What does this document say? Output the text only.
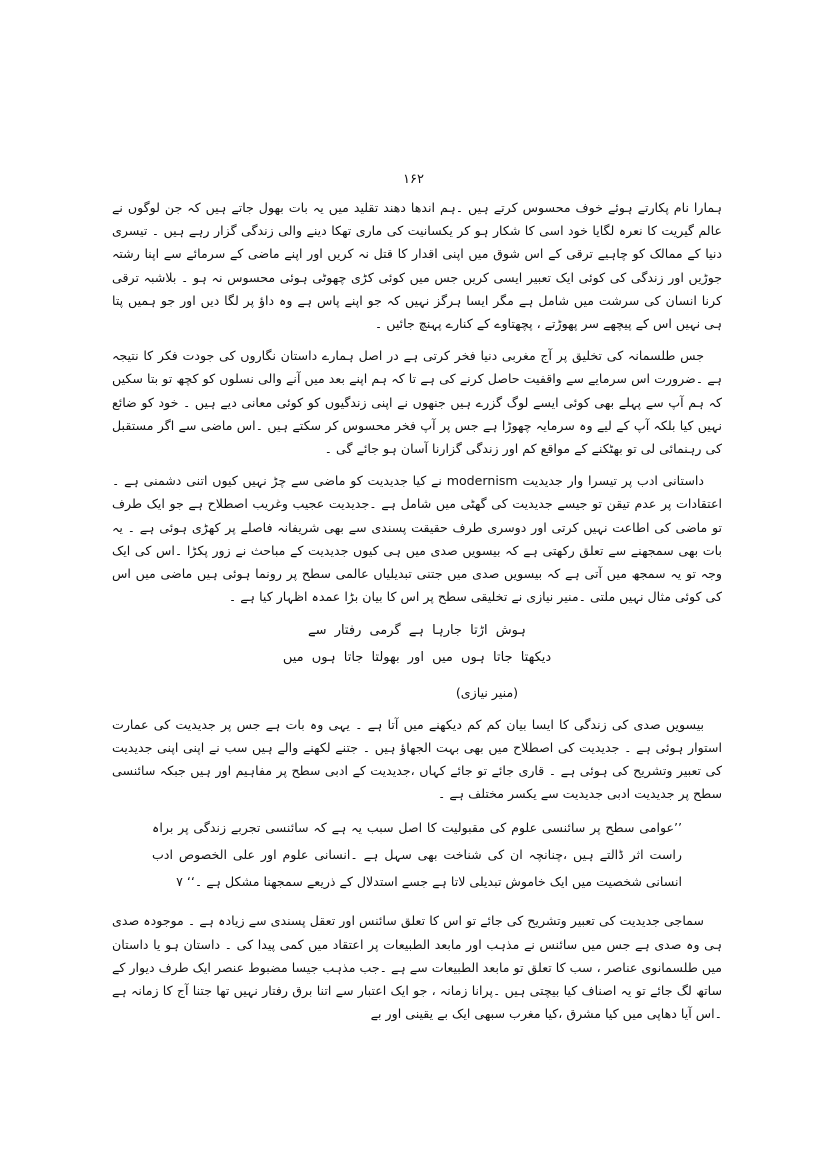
۱۶۲

ہمارا نام پکارتے ہوئے خوف محسوس کرتے ہیں ۔ہم اندھا دھند تقلید میں یہ بات بھول جاتے ہیں کہ جن لوگوں نے عالم گیریت کا نعرہ لگایا خود اسی کا شکار ہو کر یکسانیت کی ماری تھکا دینے والی زندگی گزار رہے ہیں ۔ تیسری دنیا کے ممالک کو چاہیے ترقی کے اس شوق میں اپنی اقدار کا قتل نہ کریں اور اپنے ماضی کے سرمائے سے اپنا رشتہ جوڑیں اور زندگی کی کوئی ایک تعبیر ایسی کریں جس میں کوئی کڑی چھوٹی ہوئی محسوس نہ ہو ۔ بلاشبہ ترقی کرنا انسان کی سرشت میں شامل ہے مگر ایسا ہرگز نہیں کہ جو اپنے پاس ہے وہ داؤ پر لگا دیں اور جو ہمیں پتا ہی نہیں اس کے پیچھے سر پھوڑتے ، پچھتاوے کے کنارے پہنچ جائیں ۔

جس طلسمانہ کی تخلیق پر آج مغربی دنیا فخر کرتی ہے در اصل ہمارے داستان نگاروں کی جودت فکر کا نتیجہ ہے ۔ضرورت اس سرمایے سے واقفیت حاصل کرنے کی ہے تا کہ ہم اپنے بعد میں آنے والی نسلوں کو کچھ تو بتا سکیں کہ ہم آپ سے پہلے بھی کوئی ایسے لوگ گزرے ہیں جنھوں نے اپنی زندگیوں کو کوئی معانی دیے ہیں ۔ خود کو ضائع نہیں کیا بلکہ آپ کے لیے وہ سرمایہ چھوڑا ہے جس پر آپ فخر محسوس کر سکتے ہیں ۔اس ماضی سے اگر مستقبل کی رہنمائی لی تو بھٹکنے کے مواقع کم اور زندگی گزارنا آسان ہو جائے گی ۔

داستانی ادب پر تیسرا وار جدیدیت modernism نے کیا جدیدیت کو ماضی سے چڑ نہیں کیوں اتنی دشمنی ہے ۔ اعتقادات پر عدم تیقن تو جیسے جدیدیت کی گھٹی میں شامل ہے ۔جدیدیت عجیب وغریب اصطلاح ہے جو ایک طرف تو ماضی کی اطاعت نہیں کرتی اور دوسری طرف حقیقت پسندی سے بھی شریفانہ فاصلے پر کھڑی ہوئی ہے ۔ یہ بات بھی سمجھنے سے تعلق رکھتی ہے کہ بیسویں صدی میں ہی کیوں جدیدیت کے مباحث نے زور پکڑا ۔اس کی ایک وجہ تو یہ سمجھ میں آتی ہے کہ بیسویں صدی میں جتنی تبدیلیاں عالمی سطح پر رونما ہوئی ہیں ماضی میں اس کی کوئی مثال نہیں ملتی ۔منیر نیازی نے تخلیقی سطح پر اس کا بیان بڑا عمدہ اظہار کیا ہے ۔

ہوش اڑتا جارہا ہے گرمی رفتار سے
دیکھتا جاتا ہوں میں اور بھولتا جاتا ہوں میں
(منیر نیازی)

بیسویں صدی کی زندگی کا ایسا بیان کم کم دیکھنے میں آتا ہے ۔ یہی وہ بات ہے جس پر جدیدیت کی عمارت استوار ہوئی ہے ۔ جدیدیت کی اصطلاح میں بھی بہت الجھاؤ ہیں ۔ جتنے لکھنے والے ہیں سب نے اپنی اپنی جدیدیت کی تعبیر وتشریح کی ہوئی ہے ۔ قاری جائے تو جائے کہاں ،جدیدیت کے ادبی سطح پر مفاہیم اور ہیں جبکہ سائنسی سطح پر جدیدیت ادبی جدیدیت سے یکسر مختلف ہے ۔

’’عوامی سطح پر سائنسی علوم کی مقبولیت کا اصل سبب یہ ہے کہ سائنسی تجربے زندگی پر براہ راست اثر ڈالتے ہیں ،چنانچہ ان کی شناخت بھی سہل ہے ۔انسانی علوم اور علی الخصوص ادب انسانی شخصیت میں ایک خاموش تبدیلی لاتا ہے جسے استدلال کے ذریعے سمجھنا مشکل ہے ۔‘‘ ۷

سماجی جدیدیت کی تعبیر وتشریح کی جائے تو اس کا تعلق سائنس اور تعقل پسندی سے زیادہ ہے ۔ موجودہ صدی ہی وہ صدی ہے جس میں سائنس نے مذہب اور مابعد الطبیعات پر اعتقاد میں کمی پیدا کی ۔ داستان ہو یا داستان میں طلسمانوی عناصر ، سب کا تعلق تو مابعد الطبیعات سے ہے ۔جب مذہب جیسا مضبوط عنصر ایک طرف دیوار کے ساتھ لگ جائے تو یہ اصناف کیا بیچتی ہیں ۔پرانا زمانہ ، جو ایک اعتبار سے اتنا برق رفتار نہیں تھا جتنا آج کا زمانہ ہے ۔اس آیا دھاپی میں کیا مشرق ،کیا مغرب سبھی ایک بے یقینی اور بے
